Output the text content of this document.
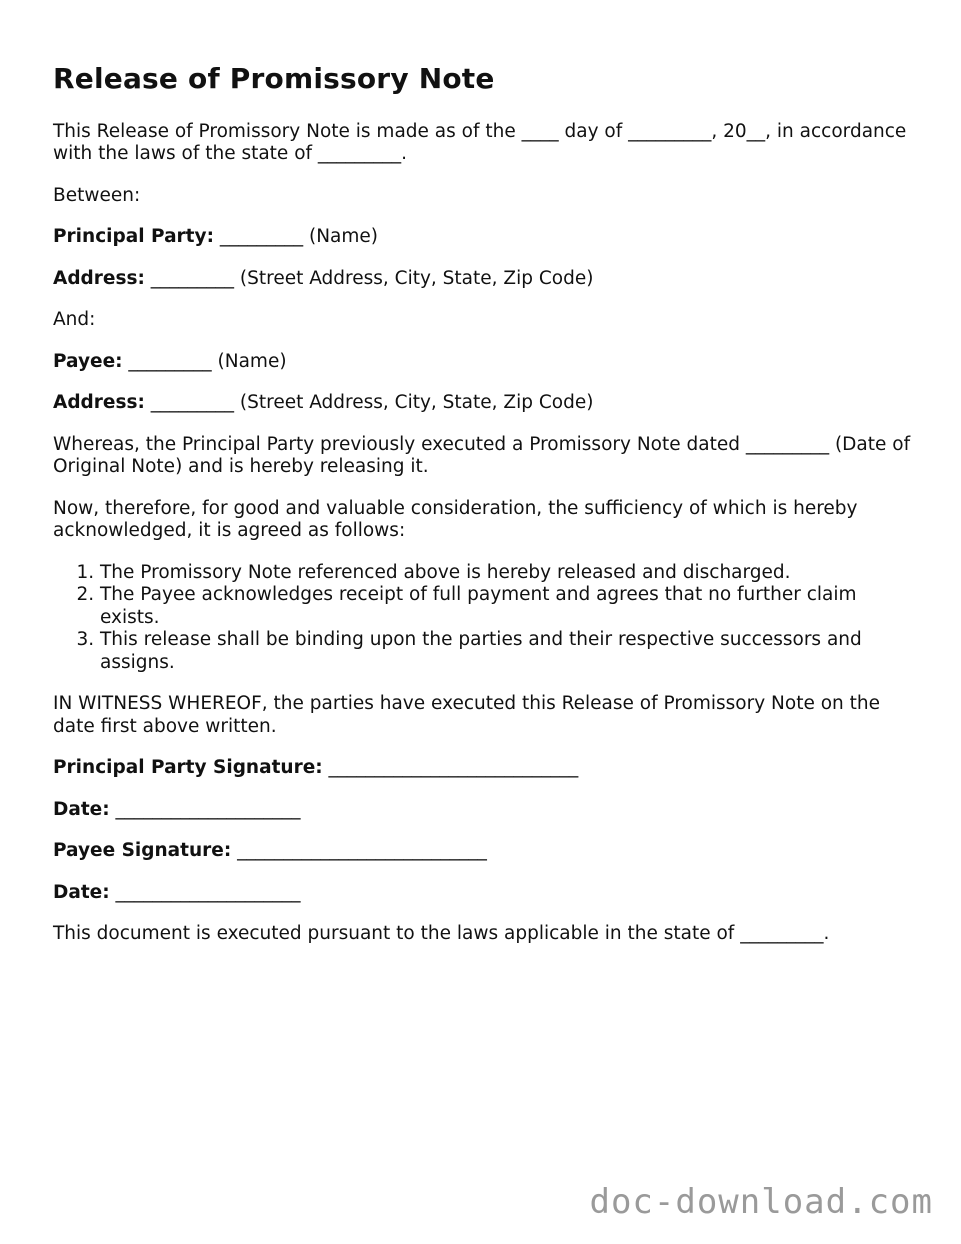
Release of Promissory Note

This Release of Promissory Note is made as of the ____ day of _________, 20__, in accordance with the laws of the state of _________.

Between:

Principal Party: _________ (Name)

Address: _________ (Street Address, City, State, Zip Code)

And:

Payee: _________ (Name)

Address: _________ (Street Address, City, State, Zip Code)

Whereas, the Principal Party previously executed a Promissory Note dated _________ (Date of Original Note) and is hereby releasing it.

Now, therefore, for good and valuable consideration, the sufficiency of which is hereby acknowledged, it is agreed as follows:

1. The Promissory Note referenced above is hereby released and discharged.
2. The Payee acknowledges receipt of full payment and agrees that no further claim exists.
3. This release shall be binding upon the parties and their respective successors and assigns.

IN WITNESS WHEREOF, the parties have executed this Release of Promissory Note on the date first above written.

Principal Party Signature: ___________________________

Date: ____________________

Payee Signature: ___________________________

Date: ____________________

This document is executed pursuant to the laws applicable in the state of _________.

doc-download.com
